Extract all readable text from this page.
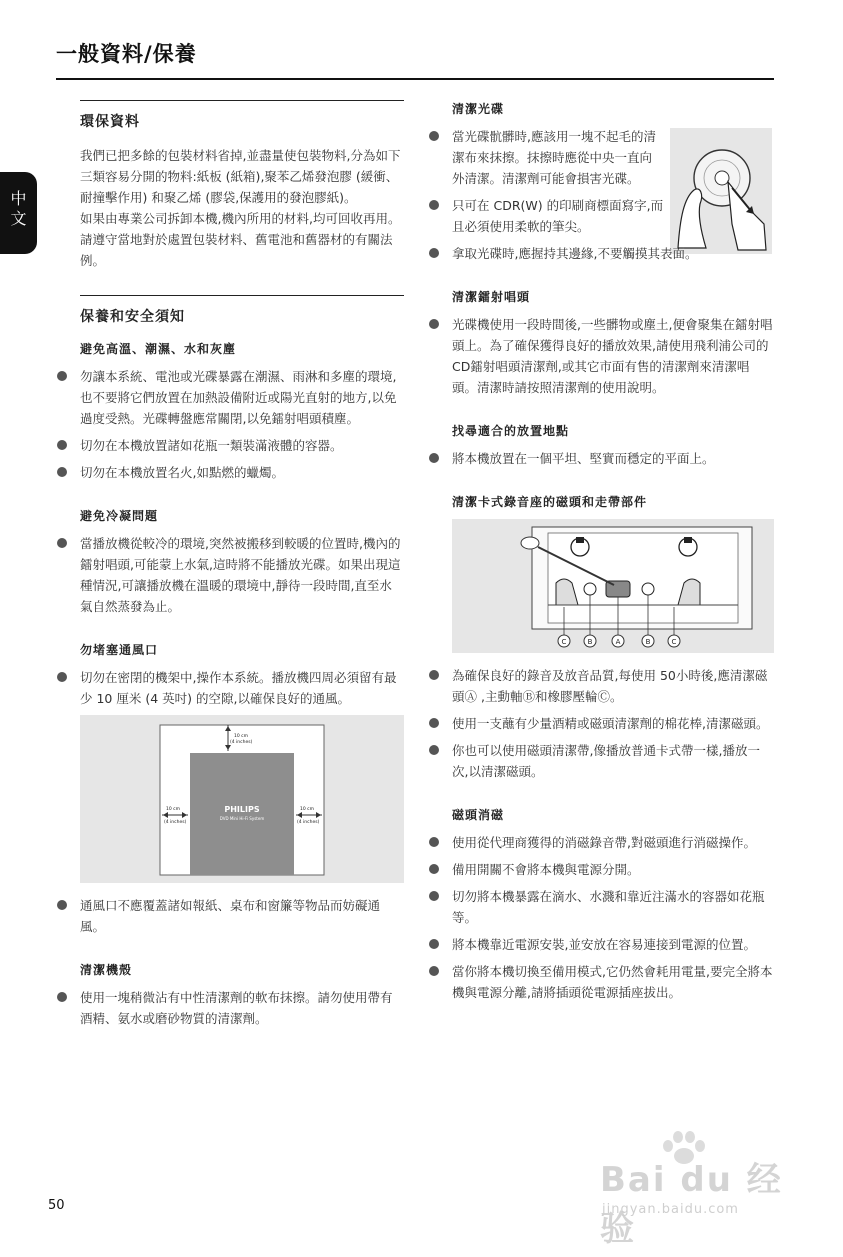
一般資料/保養
中文
環保資料

我們已把多餘的包裝材料省掉,並盡量使包裝物料,分為如下三類容易分開的物料:紙板 (紙箱),聚苯乙烯發泡膠 (緩衝、耐撞擊作用) 和聚乙烯 (膠袋,保護用的發泡膠紙)。

如果由專業公司拆卸本機,機內所用的材料,均可回收再用。請遵守當地對於處置包裝材料、舊電池和舊器材的有關法例。

保養和安全須知
避免高溫、潮濕、水和灰塵
勿讓本系統、電池或光碟暴露在潮濕、雨淋和多塵的環境,也不要將它們放置在加熱設備附近或陽光直射的地方,以免過度受熱。光碟轉盤應常關閉,以免鐳射唱頭積塵。
切勿在本機放置諸如花瓶一類裝滿液體的容器。
切勿在本機放置名火,如點燃的蠟燭。
避免冷凝問題
當播放機從較冷的環境,突然被搬移到較暖的位置時,機內的鐳射唱頭,可能蒙上水氣,這時將不能播放光碟。如果出現這種情況,可讓播放機在溫暖的環境中,靜待一段時間,直至水氣自然蒸發為止。
勿堵塞通風口
切勿在密閉的機架中,操作本系統。播放機四周必須留有最少 10 厘米 (4 英吋) 的空隙,以確保良好的通風。
10 cm
(4 inches)
10 cm
(4 inches)
10 cm
(4 inches)
PHILIPS
DVD Mini Hi-Fi System
通風口不應覆蓋諸如報紙、桌布和窗簾等物品而妨礙通風。
清潔機殼
使用一塊稍微沾有中性清潔劑的軟布抹擦。請勿使用帶有酒精、氨水或磨砂物質的清潔劑。
清潔光碟
當光碟骯髒時,應該用一塊不起毛的清潔布來抹擦。抹擦時應從中央一直向外清潔。清潔劑可能會損害光碟。
只可在 CDR(W) 的印刷商標面寫字,而且必須使用柔軟的筆尖。
拿取光碟時,應握持其邊緣,不要觸摸其表面。
清潔鐳射唱頭
光碟機使用一段時間後,一些髒物或塵土,便會聚集在鐳射唱頭上。為了確保獲得良好的播放效果,請使用飛利浦公司的 CD鐳射唱頭清潔劑,或其它市面有售的清潔劑來清潔唱頭。清潔時請按照清潔劑的使用說明。
找尋適合的放置地點
將本機放置在一個平坦、堅實而穩定的平面上。
清潔卡式錄音座的磁頭和走帶部件
C	B	A	B	C
為確保良好的錄音及放音品質,每使用 50小時後,應清潔磁頭Ⓐ ,主動軸Ⓑ和橡膠壓輪Ⓒ。
使用一支蘸有少量酒精或磁頭清潔劑的棉花棒,清潔磁頭。
你也可以使用磁頭清潔帶,像播放普通卡式帶一樣,播放一次,以清潔磁頭。
磁頭消磁
使用從代理商獲得的消磁錄音帶,對磁頭進行消磁操作。
備用開關不會將本機與電源分開。
切勿將本機暴露在滴水、水濺和靠近注滿水的容器如花瓶等。
將本機靠近電源安裝,並安放在容易連接到電源的位置。
當你將本機切換至備用模式,它仍然會耗用電量,要完全將本機與電源分離,請將插頭從電源插座拔出。
50
Bai du 经验
jingyan.baidu.com
